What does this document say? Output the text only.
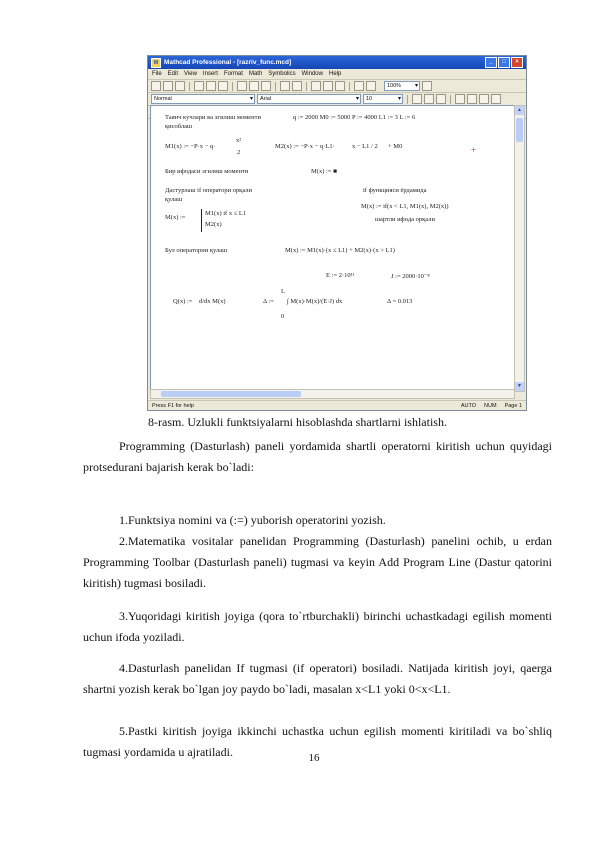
M Mathcad Professional - [razriv_func.mcd]	_	□	×
File Edit View Insert Format Math Symbolics Window Help
100% ▾
Normal ▾	Arial ▾	10 ▾
Таянч кучлари ва эгилиш моменти
қисоблаш
q := 2000 M0 := 5000 P := 4000 L1 := 3 L := 6
M1(x) := −P·x − q·
x²
2
M2(x) := −P·x − q·L1·	x − L1 / 2 + M0	+
Бир ифодаси эгилиш моменти	M(x) := ■
Дастурлаш if оператори орқали
қулаш
if функцияси ёрдамида
M(x) :=
M1(x) if x ≤ L1
M2(x)
M(x) := if(x < L1, M1(x), M2(x))
шартли ифода орқали
Бул операторни қулаш	M(x) := M1(x)·(x ≤ L1) + M2(x)·(x > L1)
E := 2·10¹¹	J := 2000·10⁻⁸
Q(x) := d/dx M(x)	Δ :=
L
0
∫ M(x)·M(x)/(E·J) dx	Δ = 0.013
▲
▼
Press F1 for help	AUTO	NUM	Page 1
8-rasm. Uzlukli funktsiyalarni hisoblashda shartlarni ishlatish.
Programming (Dasturlash) paneli yordamida shartli operatorni kiritish uchun quyidagi protsedurani bajarish kerak bo`ladi:
1.Funktsiya nomini va (:=) yuborish operatorini yozish.
2.Matematika vositalar panelidan Programming (Dasturlash) panelini ochib, u erdan Programming Toolbar (Dasturlash paneli) tugmasi va keyin Add Program Line (Dastur qatorini kiritish) tugmasi bosiladi.
3.Yuqoridagi kiritish joyiga (qora to`rtburchakli) birinchi uchastkadagi egilish momenti uchun ifoda yoziladi.
4.Dasturlash panelidan If tugmasi (if operatori) bosiladi. Natijada kiritish joyi, qaerga shartni yozish kerak bo`lgan joy paydo bo`ladi, masalan x<L1 yoki 0<x<L1.
5.Pastki kiritish joyiga ikkinchi uchastka uchun egilish momenti kiritiladi va bo`shliq tugmasi yordamida u ajratiladi.	16
